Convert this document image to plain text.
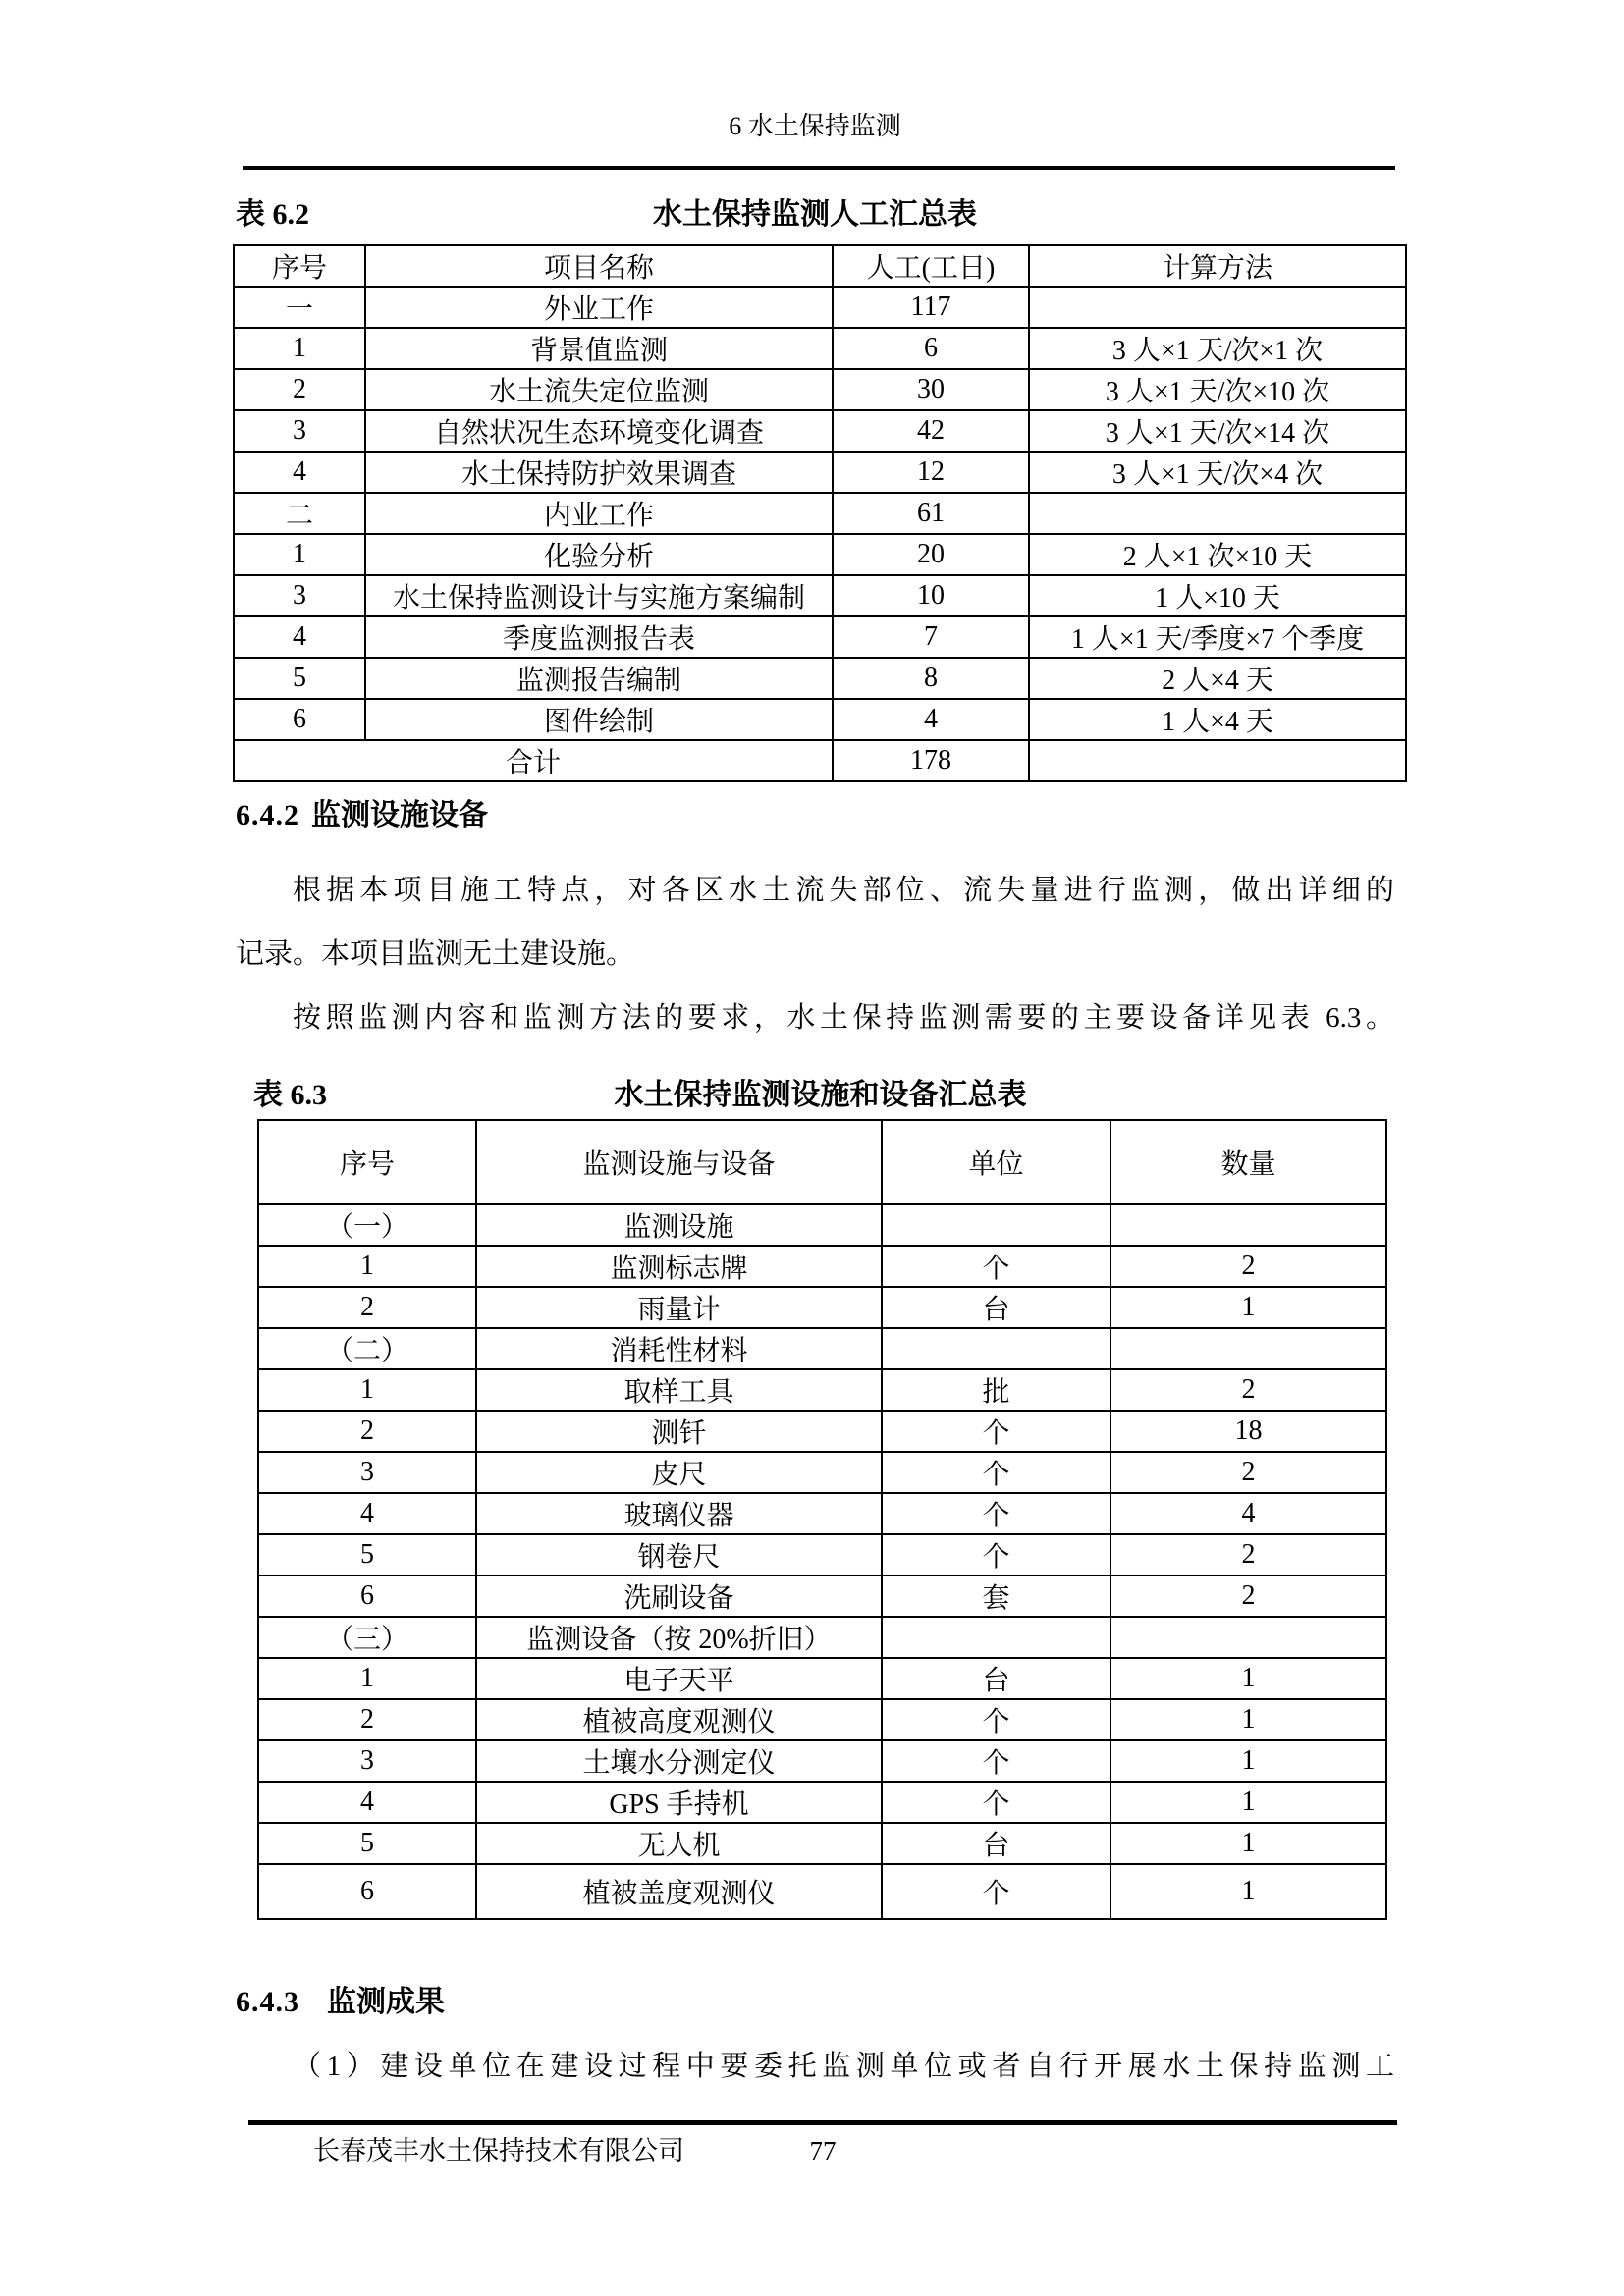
6 水土保持监测
表 6.2	水土保持监测人工汇总表
序号	项目名称	人工(工日)	计算方法
一	外业工作	117	
1	背景值监测	6	3 人×1 天/次×1 次
2	水土流失定位监测	30	3 人×1 天/次×10 次
3	自然状况生态环境变化调查	42	3 人×1 天/次×14 次
4	水土保持防护效果调查	12	3 人×1 天/次×4 次
二	内业工作	61	
1	化验分析	20	2 人×1 次×10 天
3	水土保持监测设计与实施方案编制	10	1 人×10 天
4	季度监测报告表	7	1 人×1 天/季度×7 个季度
5	监测报告编制	8	2 人×4 天
6	图件绘制	4	1 人×4 天
合计		178	
6.4.2 监测设施设备
根据本项目施工特点，对各区水土流失部位、流失量进行监测，做出详细的
记录。本项目监测无土建设施。
按照监测内容和监测方法的要求，水土保持监测需要的主要设备详见表 6.3。
表 6.3	水土保持监测设施和设备汇总表
序号	监测设施与设备	单位	数量
（一）	监测设施		
1	监测标志牌	个	2
2	雨量计	台	1
（二）	消耗性材料		
1	取样工具	批	2
2	测钎	个	18
3	皮尺	个	2
4	玻璃仪器	个	4
5	钢卷尺	个	2
6	洗刷设备	套	2
（三）	监测设备（按 20%折旧）		
1	电子天平	台	1
2	植被高度观测仪	个	1
3	土壤水分测定仪	个	1
4	GPS 手持机	个	1
5	无人机	台	1
6	植被盖度观测仪	个	1
6.4.3 监测成果
（1）建设单位在建设过程中要委托监测单位或者自行开展水土保持监测工
长春茂丰水土保持技术有限公司	77
